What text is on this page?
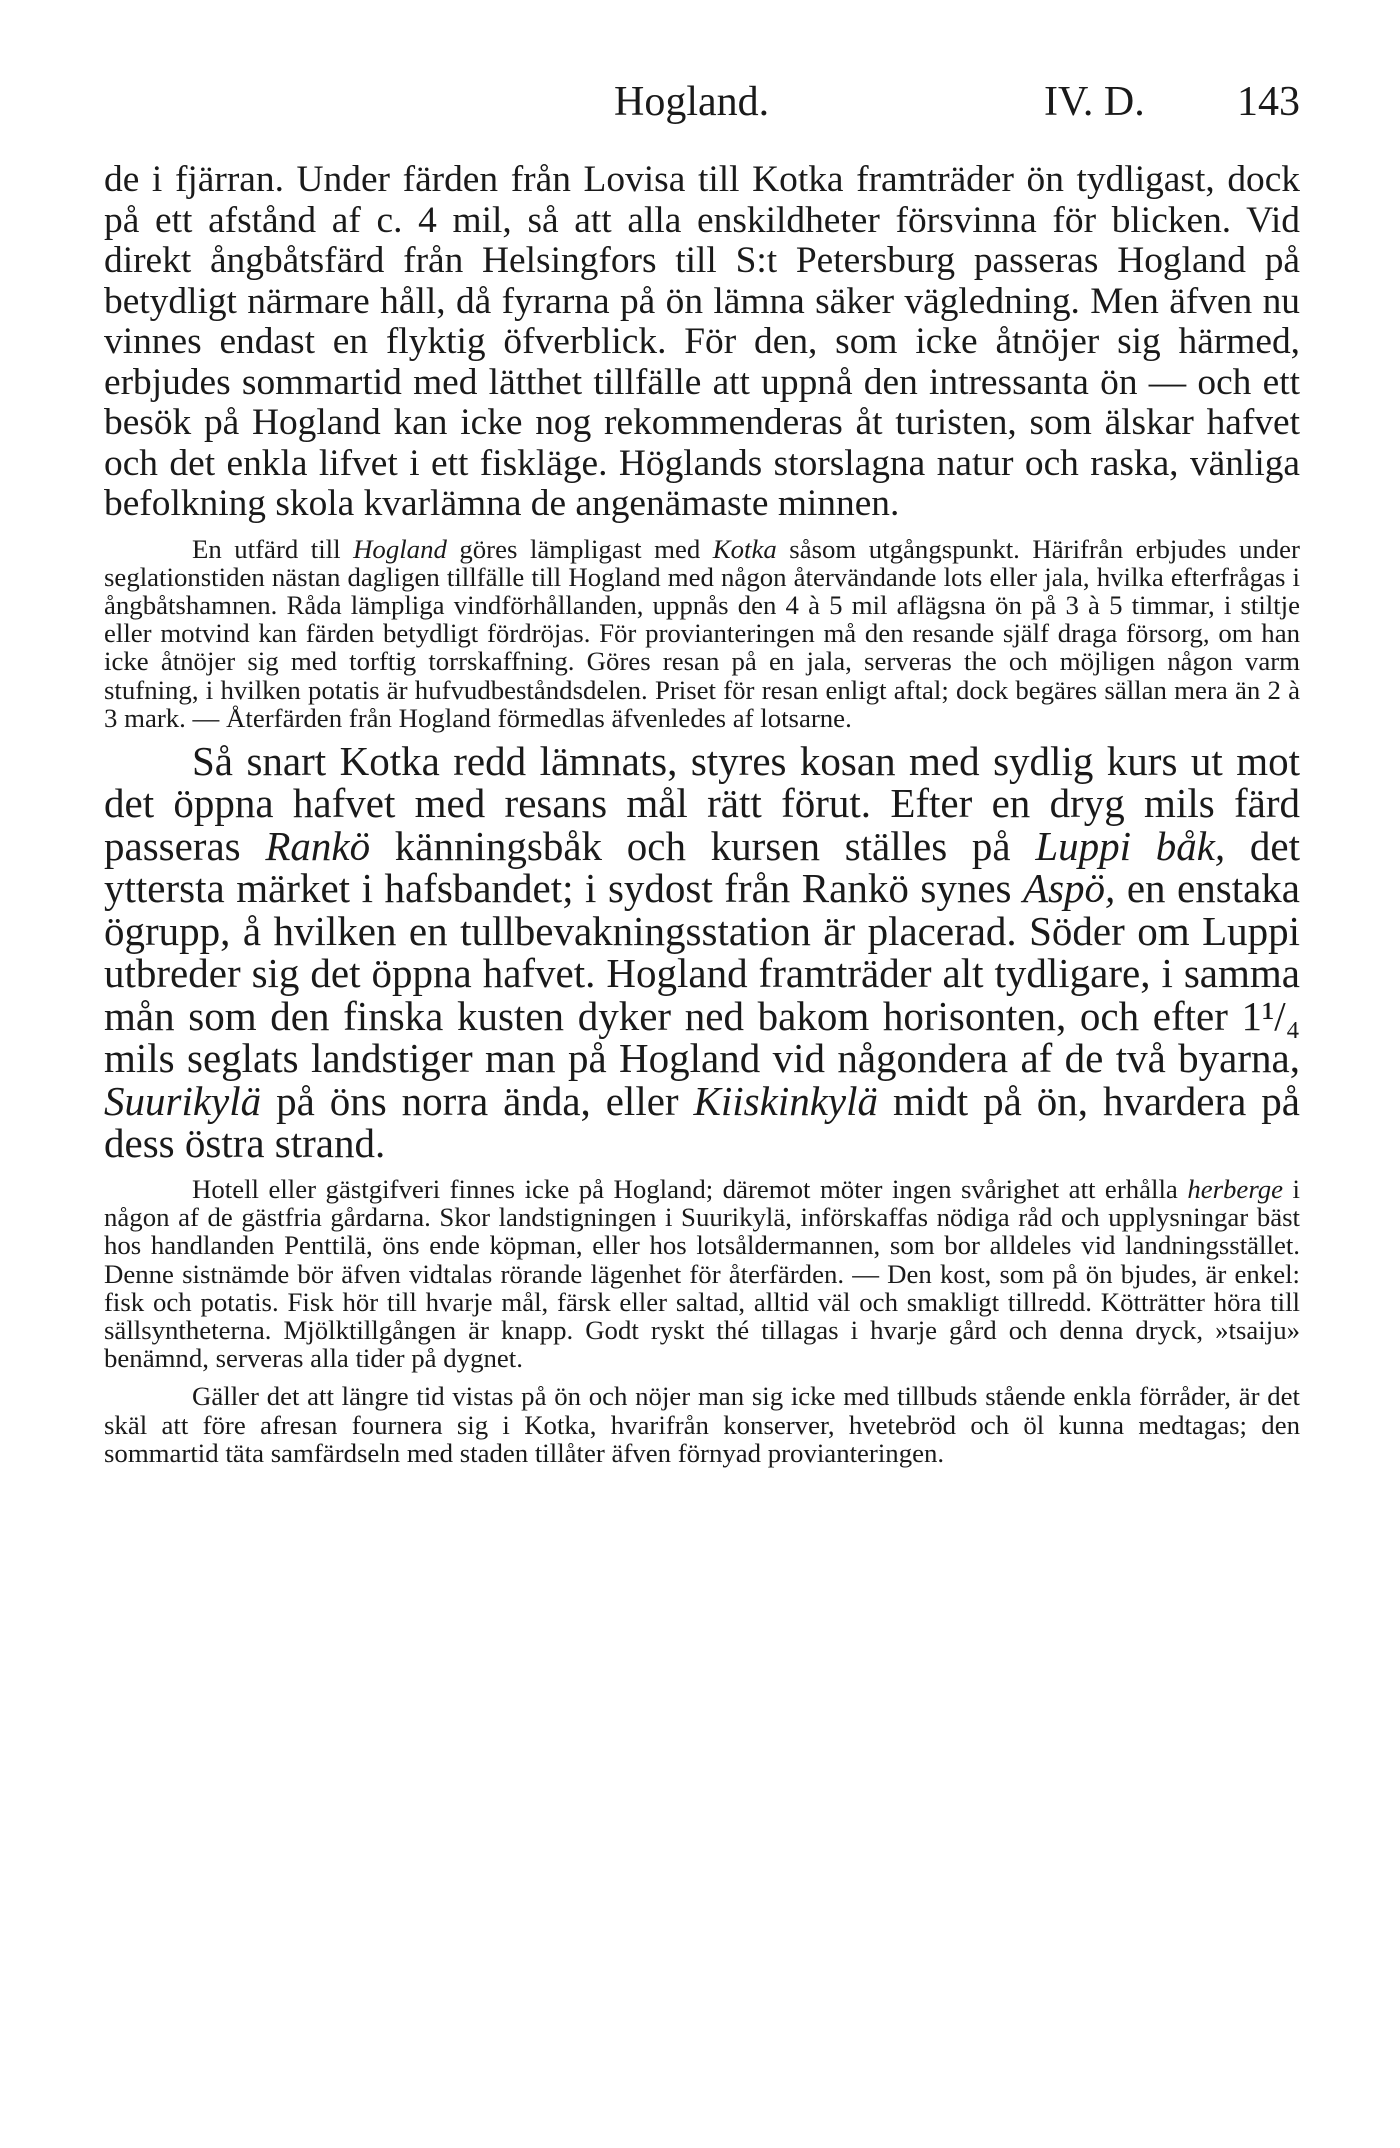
Hogland.	IV. D. 143

de i fjärran. Under färden från Lovisa till Kotka framträder ön tydligast, dock på ett afstånd af c. 4 mil, så att alla enskildheter försvinna för blicken. Vid direkt ångbåtsfärd från Helsingfors till S:t Petersburg passeras Hogland på betydligt närmare håll, då fyrarna på ön lämna säker vägledning. Men äfven nu vinnes endast en flyktig öfverblick. För den, som icke åtnöjer sig härmed, erbjudes sommartid med lätthet tillfälle att uppnå den intressanta ön — och ett besök på Hogland kan icke nog rekommenderas åt turisten, som älskar hafvet och det enkla lifvet i ett fiskläge. Höglands storslagna natur och raska, vänliga befolkning skola kvarlämna de angenämaste minnen.

En utfärd till Hogland göres lämpligast med Kotka såsom utgångspunkt. Härifrån erbjudes under seglationstiden nästan dagligen tillfälle till Hogland med någon återvändande lots eller jala, hvilka efterfrågas i ångbåtshamnen. Råda lämpliga vindförhållanden, uppnås den 4 à 5 mil aflägsna ön på 3 à 5 timmar, i stiltje eller motvind kan färden betydligt fördröjas. För provianteringen må den resande själf draga försorg, om han icke åtnöjer sig med torftig torrskaffning. Göres resan på en jala, serveras the och möjligen någon varm stufning, i hvilken potatis är hufvudbeståndsdelen. Priset för resan enligt aftal; dock begäres sällan mera än 2 à 3 mark. — Återfärden från Hogland förmedlas äfvenledes af lotsarne.

Så snart Kotka redd lämnats, styres kosan med sydlig kurs ut mot det öppna hafvet med resans mål rätt förut. Efter en dryg mils färd passeras Rankö känningsbåk och kursen ställes på Luppi båk, det yttersta märket i hafsbandet; i sydost från Rankö synes Aspö, en enstaka ögrupp, å hvilken en tullbevakningsstation är placerad. Söder om Luppi utbreder sig det öppna hafvet. Hogland framträder alt tydligare, i samma mån som den finska kusten dyker ned bakom horisonten, och efter 1¹/₄ mils seglats landstiger man på Hogland vid någondera af de två byarna, Suurikylä på öns norra ända, eller Kiiskinkylä midt på ön, hvardera på dess östra strand.

Hotell eller gästgifveri finnes icke på Hogland; däremot möter ingen svårighet att erhålla herberge i någon af de gästfria gårdarna. Skor landstigningen i Suurikylä, införskaffas nödiga råd och upplysningar bäst hos handlanden Penttilä, öns ende köpman, eller hos lotsåldermannen, som bor alldeles vid landningsstället. Denne sistnämde bör äfven vidtalas rörande lägenhet för återfärden. — Den kost, som på ön bjudes, är enkel: fisk och potatis. Fisk hör till hvarje mål, färsk eller saltad, alltid väl och smakligt tillredd. Kötträtter höra till sällsyntheterna. Mjölktillgången är knapp. Godt ryskt thé tillagas i hvarje gård och denna dryck, »tsaiju» benämnd, serveras alla tider på dygnet.

Gäller det att längre tid vistas på ön och nöjer man sig icke med tillbuds stående enkla förråder, är det skäl att före afresan fournera sig i Kotka, hvarifrån konserver, hvetebröd och öl kunna medtagas; den sommartid täta samfärdseln med staden tillåter äfven förnyad provianteringen.
